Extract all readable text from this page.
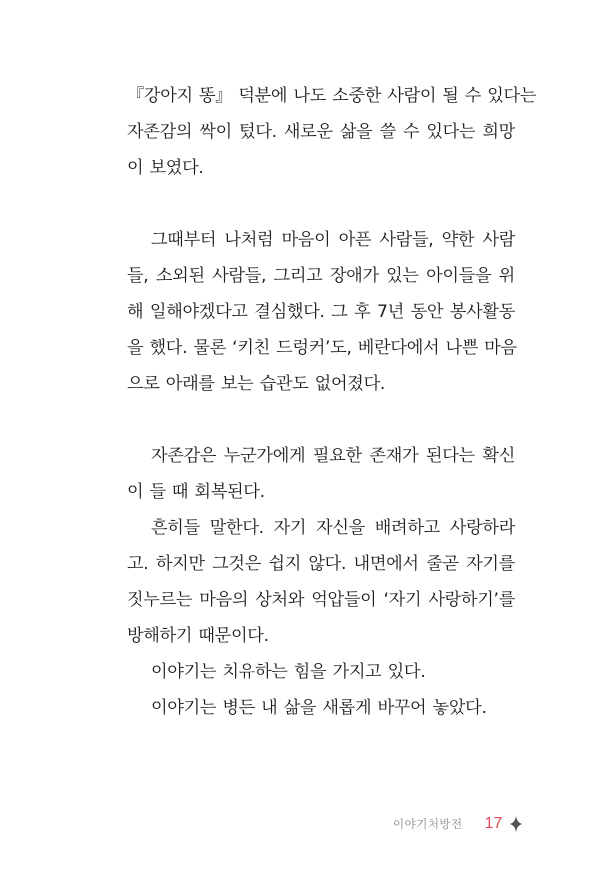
『강아지 똥』 덕분에 나도 소중한 사람이 될 수 있다는
자존감의 싹이 텄다. 새로운 삶을 쓸 수 있다는 희망
이 보였다.
그때부터 나처럼 마음이 아픈 사람들, 약한 사람
들, 소외된 사람들, 그리고 장애가 있는 아이들을 위
해 일해야겠다고 결심했다. 그 후 7년 동안 봉사활동
을 했다. 물론 ‘키친 드렁커’도, 베란다에서 나쁜 마음
으로 아래를 보는 습관도 없어졌다.
자존감은 누군가에게 필요한 존재가 된다는 확신
이 들 때 회복된다.
흔히들 말한다. 자기 자신을 배려하고 사랑하라
고. 하지만 그것은 쉽지 않다. 내면에서 줄곧 자기를
짓누르는 마음의 상처와 억압들이 ‘자기 사랑하기’를
방해하기 때문이다.
이야기는 치유하는 힘을 가지고 있다.
이야기는 병든 내 삶을 새롭게 바꾸어 놓았다.
이야기처방전 17
